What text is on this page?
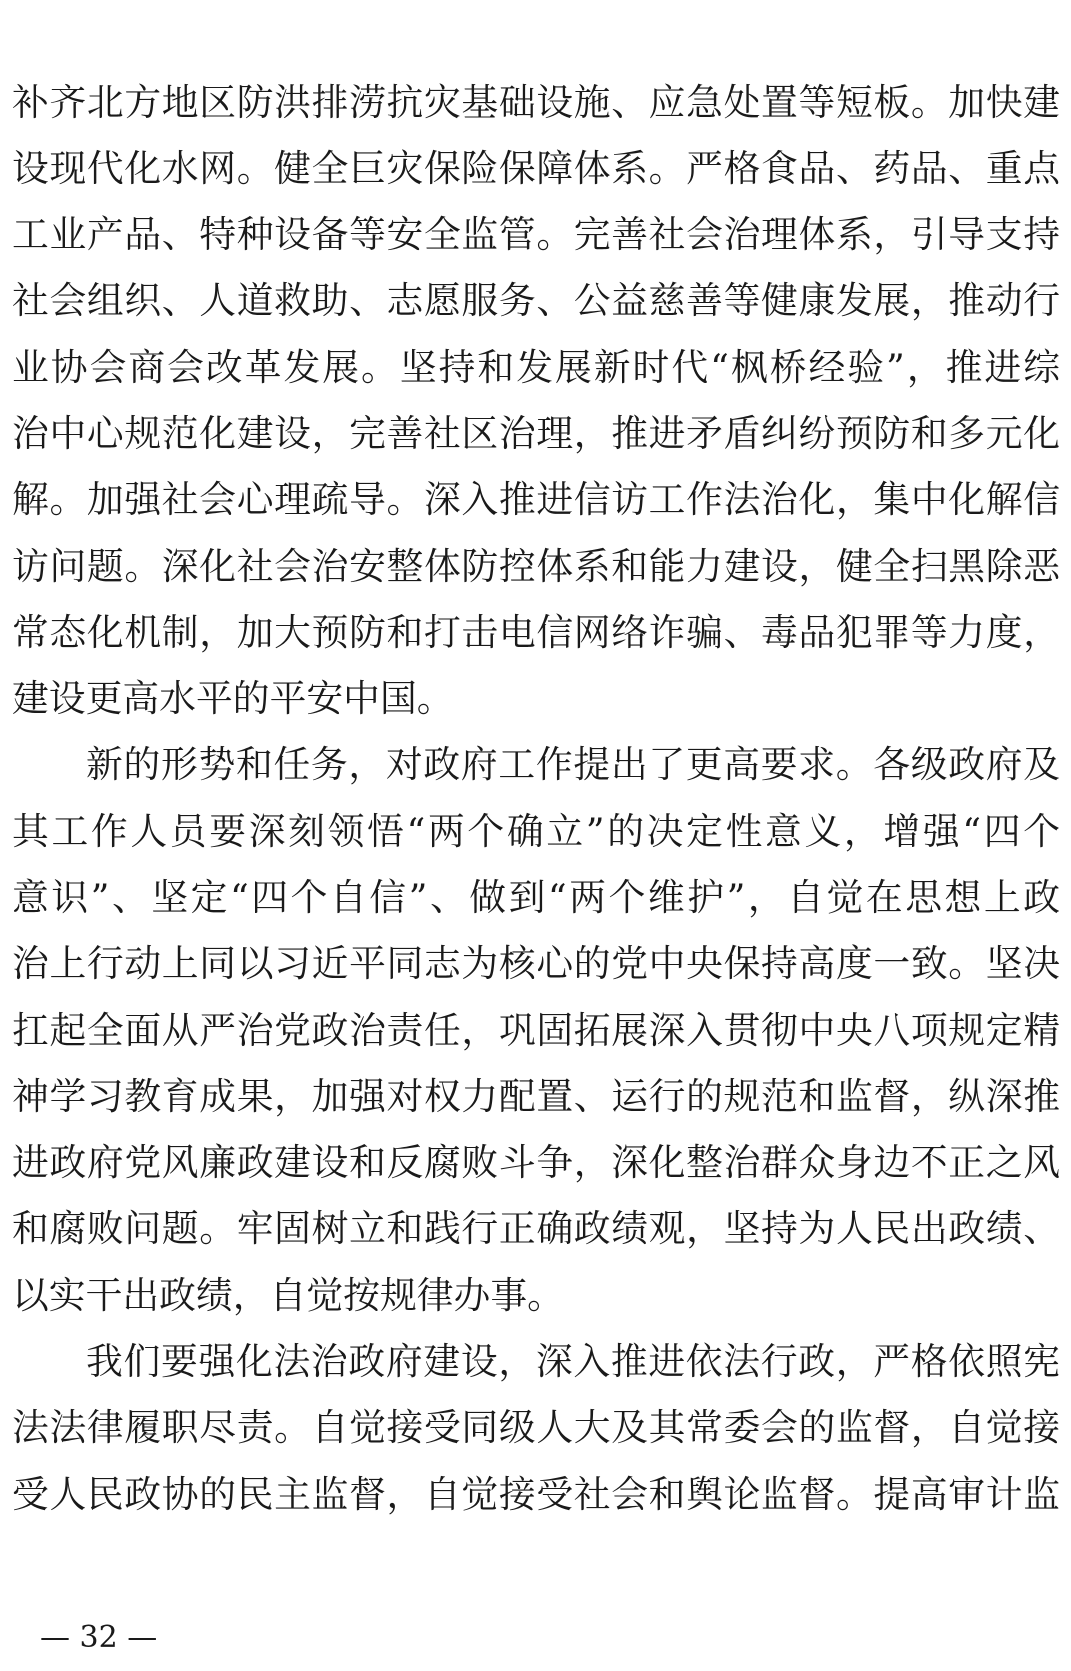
补齐北方地区防洪排涝抗灾基础设施、应急处置等短板。加快建
设现代化水网。健全巨灾保险保障体系。严格食品、药品、重点
工业产品、特种设备等安全监管。完善社会治理体系，引导支持
社会组织、人道救助、志愿服务、公益慈善等健康发展，推动行
业协会商会改革发展。坚持和发展新时代“枫桥经验”，推进综
治中心规范化建设，完善社区治理，推进矛盾纠纷预防和多元化
解。加强社会心理疏导。深入推进信访工作法治化，集中化解信
访问题。深化社会治安整体防控体系和能力建设，健全扫黑除恶
常态化机制，加大预防和打击电信网络诈骗、毒品犯罪等力度，
建设更高水平的平安中国。
新的形势和任务，对政府工作提出了更高要求。各级政府及
其工作人员要深刻领悟“两个确立”的决定性意义，增强“四个
意识”、坚定“四个自信”、做到“两个维护”，自觉在思想上政
治上行动上同以习近平同志为核心的党中央保持高度一致。坚决
扛起全面从严治党政治责任，巩固拓展深入贯彻中央八项规定精
神学习教育成果，加强对权力配置、运行的规范和监督，纵深推
进政府党风廉政建设和反腐败斗争，深化整治群众身边不正之风
和腐败问题。牢固树立和践行正确政绩观，坚持为人民出政绩、
以实干出政绩，自觉按规律办事。
我们要强化法治政府建设，深入推进依法行政，严格依照宪
法法律履职尽责。自觉接受同级人大及其常委会的监督，自觉接
受人民政协的民主监督，自觉接受社会和舆论监督。提高审计监
— 32 —
